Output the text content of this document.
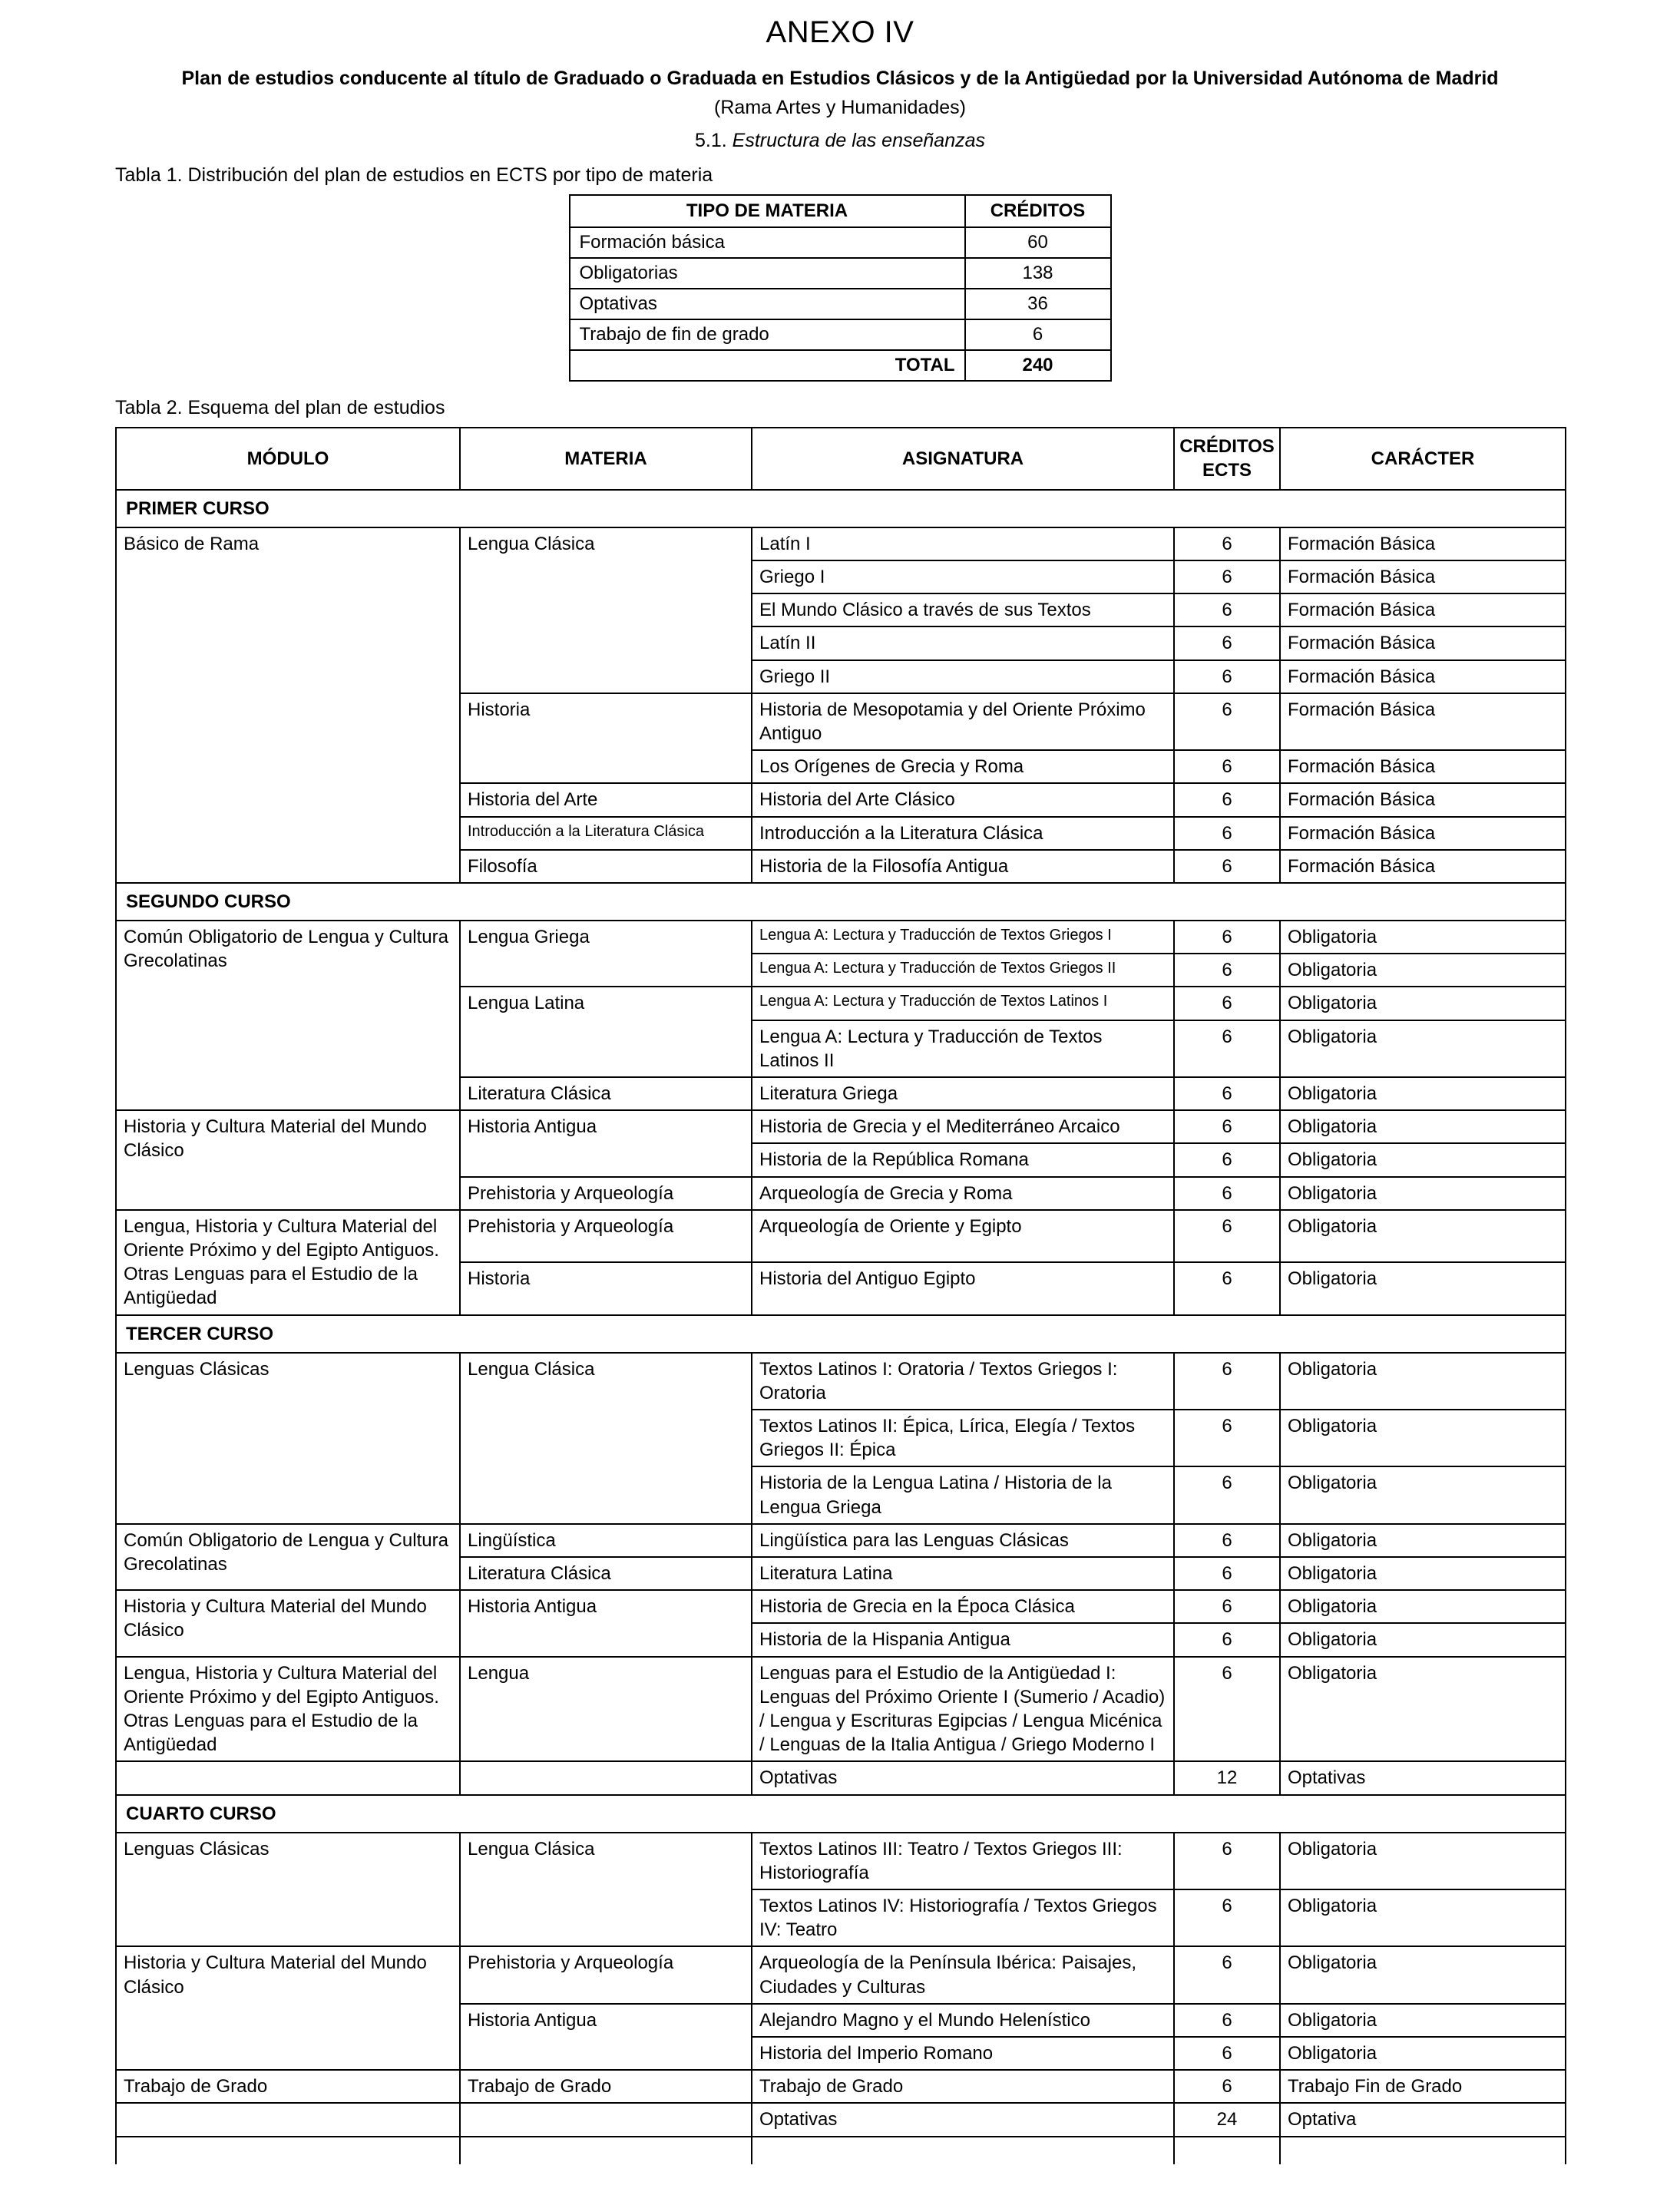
ANEXO IV

Plan de estudios conducente al título de Graduado o Graduada en Estudios Clásicos y de la Antigüedad por la Universidad Autónoma de Madrid

(Rama Artes y Humanidades)

5.1. Estructura de las enseñanzas

Tabla 1. Distribución del plan de estudios en ECTS por tipo de materia

TIPO DE MATERIA	CRÉDITOS
Formación básica	60
Obligatorias	138
Optativas	36
Trabajo de fin de grado	6
TOTAL	240

Tabla 2. Esquema del plan de estudios

MÓDULO	MATERIA	ASIGNATURA	CRÉDITOS ECTS	CARÁCTER
PRIMER CURSO				
Básico de Rama	Lengua Clásica	Latín I	6	Formación Básica
		Griego I	6	Formación Básica
		El Mundo Clásico a través de sus Textos	6	Formación Básica
		Latín II	6	Formación Básica
		Griego II	6	Formación Básica
	Historia	Historia de Mesopotamia y del Oriente Próximo Antiguo	6	Formación Básica
		Los Orígenes de Grecia y Roma	6	Formación Básica
	Historia del Arte	Historia del Arte Clásico	6	Formación Básica
	Introducción a la Literatura Clásica	Introducción a la Literatura Clásica	6	Formación Básica
	Filosofía	Historia de la Filosofía Antigua	6	Formación Básica
SEGUNDO CURSO				
Común Obligatorio de Lengua y Cultura Grecolatinas	Lengua Griega	Lengua A: Lectura y Traducción de Textos Griegos I	6	Obligatoria
		Lengua A: Lectura y Traducción de Textos Griegos II	6	Obligatoria
	Lengua Latina	Lengua A: Lectura y Traducción de Textos Latinos I	6	Obligatoria
		Lengua A: Lectura y Traducción de Textos Latinos II	6	Obligatoria
	Literatura Clásica	Literatura Griega	6	Obligatoria
Historia y Cultura Material del Mundo Clásico	Historia Antigua	Historia de Grecia y el Mediterráneo Arcaico	6	Obligatoria
		Historia de la República Romana	6	Obligatoria
	Prehistoria y Arqueología	Arqueología de Grecia y Roma	6	Obligatoria
Lengua, Historia y Cultura Material del Oriente Próximo y del Egipto Antiguos. Otras Lenguas para el Estudio de la Antigüedad	Prehistoria y Arqueología	Arqueología de Oriente y Egipto	6	Obligatoria
	Historia	Historia del Antiguo Egipto	6	Obligatoria
TERCER CURSO				
Lenguas Clásicas	Lengua Clásica	Textos Latinos I: Oratoria / Textos Griegos I: Oratoria	6	Obligatoria
		Textos Latinos II: Épica, Lírica, Elegía / Textos Griegos II: Épica	6	Obligatoria
		Historia de la Lengua Latina / Historia de la Lengua Griega	6	Obligatoria
Común Obligatorio de Lengua y Cultura Grecolatinas	Lingüística	Lingüística para las Lenguas Clásicas	6	Obligatoria
	Literatura Clásica	Literatura Latina	6	Obligatoria
Historia y Cultura Material del Mundo Clásico	Historia Antigua	Historia de Grecia en la Época Clásica	6	Obligatoria
		Historia de la Hispania Antigua	6	Obligatoria
Lengua, Historia y Cultura Material del Oriente Próximo y del Egipto Antiguos. Otras Lenguas para el Estudio de la Antigüedad	Lengua	Lenguas para el Estudio de la Antigüedad I: Lenguas del Próximo Oriente I (Sumerio / Acadio) / Lengua y Escrituras Egipcias / Lengua Micénica / Lenguas de la Italia Antigua / Griego Moderno I	6	Obligatoria
		Optativas	12	Optativas
CUARTO CURSO				
Lenguas Clásicas	Lengua Clásica	Textos Latinos III: Teatro / Textos Griegos III: Historiografía	6	Obligatoria
		Textos Latinos IV: Historiografía / Textos Griegos IV: Teatro	6	Obligatoria
Historia y Cultura Material del Mundo Clásico	Prehistoria y Arqueología	Arqueología de la Península Ibérica: Paisajes, Ciudades y Culturas	6	Obligatoria
	Historia Antigua	Alejandro Magno y el Mundo Helenístico	6	Obligatoria
		Historia del Imperio Romano	6	Obligatoria
Trabajo de Grado	Trabajo de Grado	Trabajo de Grado	6	Trabajo Fin de Grado
		Optativas	24	Optativa
